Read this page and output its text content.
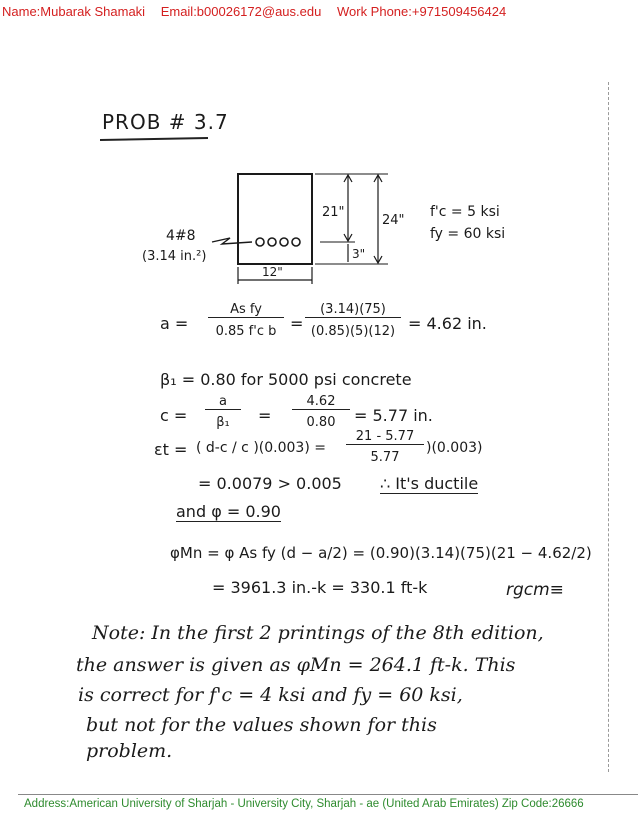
Name:Mubarak Shamaki Email:b00026172@aus.edu Work Phone:+971509456424
PROB # 3.7
21"
24"
3"
12"
4#8
(3.14 in.²)
f'c = 5 ksi
fy = 60 ksi
a =
As fy
0.85 f'c b =
(3.14)(75)
(0.85)(5)(12) = 4.62 in.
β₁ = 0.80 for 5000 psi concrete
c =
a
β₁	=
4.62
0.80	= 5.77 in.
εt = ( d-c / c )(0.003) =
21 - 5.77
5.77
)(0.003)
= 0.0079 > 0.005 ∴ It's ductile
and φ = 0.90
φMn = φ As fy (d − a/2) = (0.90)(3.14)(75)(21 − 4.62/2)
= 3961.3 in.-k = 330.1 ft-k	rgcm≡
Note: In the first 2 printings of the 8th edition,
the answer is given as φMn = 264.1 ft-k. This
is correct for f'c = 4 ksi and fy = 60 ksi,
but not for the values shown for this
problem.
Address:American University of Sharjah - University City, Sharjah - ae (United Arab Emirates) Zip Code:26666
